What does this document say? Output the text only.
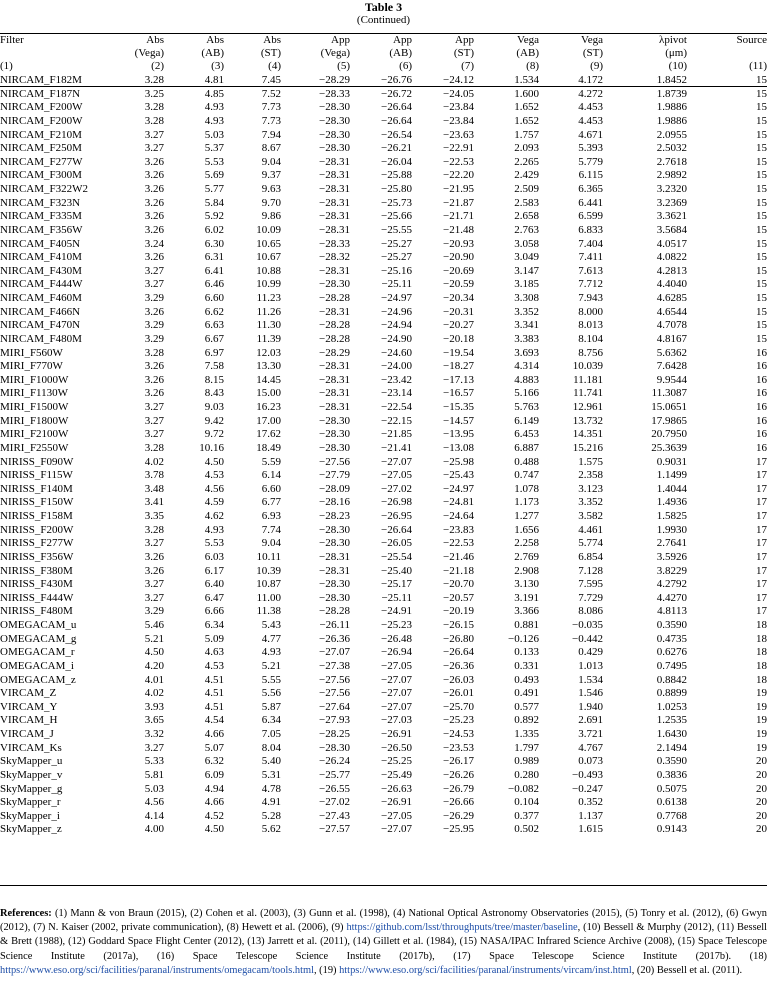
Table 3
(Continued)
Filter	Abs	Abs	Abs	App	App	App	Vega	Vega	λpivot	Source
	(Vega)	(AB)	(ST)	(Vega)	(AB)	(ST)	(AB)	(ST)	(μm)	
(1)	(2)	(3)	(4)	(5)	(6)	(7)	(8)	(9)	(10)	(11)
NIRCAM_F182M	3.28	4.81	7.45	−28.29	−26.76	−24.12	1.534	4.172	1.8452	15
NIRCAM_F187N	3.25	4.85	7.52	−28.33	−26.72	−24.05	1.600	4.272	1.8739	15
NIRCAM_F200W	3.28	4.93	7.73	−28.30	−26.64	−23.84	1.652	4.453	1.9886	15
NIRCAM_F200W	3.28	4.93	7.73	−28.30	−26.64	−23.84	1.652	4.453	1.9886	15
NIRCAM_F210M	3.27	5.03	7.94	−28.30	−26.54	−23.63	1.757	4.671	2.0955	15
NIRCAM_F250M	3.27	5.37	8.67	−28.30	−26.21	−22.91	2.093	5.393	2.5032	15
NIRCAM_F277W	3.26	5.53	9.04	−28.31	−26.04	−22.53	2.265	5.779	2.7618	15
NIRCAM_F300M	3.26	5.69	9.37	−28.31	−25.88	−22.20	2.429	6.115	2.9892	15
NIRCAM_F322W2	3.26	5.77	9.63	−28.31	−25.80	−21.95	2.509	6.365	3.2320	15
NIRCAM_F323N	3.26	5.84	9.70	−28.31	−25.73	−21.87	2.583	6.441	3.2369	15
NIRCAM_F335M	3.26	5.92	9.86	−28.31	−25.66	−21.71	2.658	6.599	3.3621	15
NIRCAM_F356W	3.26	6.02	10.09	−28.31	−25.55	−21.48	2.763	6.833	3.5684	15
NIRCAM_F405N	3.24	6.30	10.65	−28.33	−25.27	−20.93	3.058	7.404	4.0517	15
NIRCAM_F410M	3.26	6.31	10.67	−28.32	−25.27	−20.90	3.049	7.411	4.0822	15
NIRCAM_F430M	3.27	6.41	10.88	−28.31	−25.16	−20.69	3.147	7.613	4.2813	15
NIRCAM_F444W	3.27	6.46	10.99	−28.30	−25.11	−20.59	3.185	7.712	4.4040	15
NIRCAM_F460M	3.29	6.60	11.23	−28.28	−24.97	−20.34	3.308	7.943	4.6285	15
NIRCAM_F466N	3.26	6.62	11.26	−28.31	−24.96	−20.31	3.352	8.000	4.6544	15
NIRCAM_F470N	3.29	6.63	11.30	−28.28	−24.94	−20.27	3.341	8.013	4.7078	15
NIRCAM_F480M	3.29	6.67	11.39	−28.28	−24.90	−20.18	3.383	8.104	4.8167	15
MIRI_F560W	3.28	6.97	12.03	−28.29	−24.60	−19.54	3.693	8.756	5.6362	16
MIRI_F770W	3.26	7.58	13.30	−28.31	−24.00	−18.27	4.314	10.039	7.6428	16
MIRI_F1000W	3.26	8.15	14.45	−28.31	−23.42	−17.13	4.883	11.181	9.9544	16
MIRI_F1130W	3.26	8.43	15.00	−28.31	−23.14	−16.57	5.166	11.741	11.3087	16
MIRI_F1500W	3.27	9.03	16.23	−28.31	−22.54	−15.35	5.763	12.961	15.0651	16
MIRI_F1800W	3.27	9.42	17.00	−28.30	−22.15	−14.57	6.149	13.732	17.9865	16
MIRI_F2100W	3.27	9.72	17.62	−28.30	−21.85	−13.95	6.453	14.351	20.7950	16
MIRI_F2550W	3.28	10.16	18.49	−28.30	−21.41	−13.08	6.887	15.216	25.3639	16
NIRISS_F090W	4.02	4.50	5.59	−27.56	−27.07	−25.98	0.488	1.575	0.9031	17
NIRISS_F115W	3.78	4.53	6.14	−27.79	−27.05	−25.43	0.747	2.358	1.1499	17
NIRISS_F140M	3.48	4.56	6.60	−28.09	−27.02	−24.97	1.078	3.123	1.4044	17
NIRISS_F150W	3.41	4.59	6.77	−28.16	−26.98	−24.81	1.173	3.352	1.4936	17
NIRISS_F158M	3.35	4.62	6.93	−28.23	−26.95	−24.64	1.277	3.582	1.5825	17
NIRISS_F200W	3.28	4.93	7.74	−28.30	−26.64	−23.83	1.656	4.461	1.9930	17
NIRISS_F277W	3.27	5.53	9.04	−28.30	−26.05	−22.53	2.258	5.774	2.7641	17
NIRISS_F356W	3.26	6.03	10.11	−28.31	−25.54	−21.46	2.769	6.854	3.5926	17
NIRISS_F380M	3.26	6.17	10.39	−28.31	−25.40	−21.18	2.908	7.128	3.8229	17
NIRISS_F430M	3.27	6.40	10.87	−28.30	−25.17	−20.70	3.130	7.595	4.2792	17
NIRISS_F444W	3.27	6.47	11.00	−28.30	−25.11	−20.57	3.191	7.729	4.4270	17
NIRISS_F480M	3.29	6.66	11.38	−28.28	−24.91	−20.19	3.366	8.086	4.8113	17
OMEGACAM_u	5.46	6.34	5.43	−26.11	−25.23	−26.15	0.881	−0.035	0.3590	18
OMEGACAM_g	5.21	5.09	4.77	−26.36	−26.48	−26.80	−0.126	−0.442	0.4735	18
OMEGACAM_r	4.50	4.63	4.93	−27.07	−26.94	−26.64	0.133	0.429	0.6276	18
OMEGACAM_i	4.20	4.53	5.21	−27.38	−27.05	−26.36	0.331	1.013	0.7495	18
OMEGACAM_z	4.01	4.51	5.55	−27.56	−27.07	−26.03	0.493	1.534	0.8842	18
VIRCAM_Z	4.02	4.51	5.56	−27.56	−27.07	−26.01	0.491	1.546	0.8899	19
VIRCAM_Y	3.93	4.51	5.87	−27.64	−27.07	−25.70	0.577	1.940	1.0253	19
VIRCAM_H	3.65	4.54	6.34	−27.93	−27.03	−25.23	0.892	2.691	1.2535	19
VIRCAM_J	3.32	4.66	7.05	−28.25	−26.91	−24.53	1.335	3.721	1.6430	19
VIRCAM_Ks	3.27	5.07	8.04	−28.30	−26.50	−23.53	1.797	4.767	2.1494	19
SkyMapper_u	5.33	6.32	5.40	−26.24	−25.25	−26.17	0.989	0.073	0.3590	20
SkyMapper_v	5.81	6.09	5.31	−25.77	−25.49	−26.26	0.280	−0.493	0.3836	20
SkyMapper_g	5.03	4.94	4.78	−26.55	−26.63	−26.79	−0.082	−0.247	0.5075	20
SkyMapper_r	4.56	4.66	4.91	−27.02	−26.91	−26.66	0.104	0.352	0.6138	20
SkyMapper_i	4.14	4.52	5.28	−27.43	−27.05	−26.29	0.377	1.137	0.7768	20
SkyMapper_z	4.00	4.50	5.62	−27.57	−27.07	−25.95	0.502	1.615	0.9143	20
References: (1) Mann & von Braun (2015), (2) Cohen et al. (2003), (3) Gunn et al. (1998), (4) National Optical Astronomy Observatories (2015), (5) Tonry et al. (2012), (6) Gwyn (2012), (7) N. Kaiser (2002, private communication), (8) Hewett et al. (2006), (9) https://github.com/lsst/throughputs/tree/master/baseline, (10) Bessell & Murphy (2012), (11) Bessell & Brett (1988), (12) Goddard Space Flight Center (2012), (13) Jarrett et al. (2011), (14) Gillett et al. (1984), (15) NASA/IPAC Infrared Science Archive (2008), (15) Space Telescope Science Institute (2017a), (16) Space Telescope Science Institute (2017b), (17) Space Telescope Science Institute (2017b). (18) https://www.eso.org/sci/facilities/paranal/instruments/omegacam/tools.html, (19) https://www.eso.org/sci/facilities/paranal/instruments/vircam/inst.html, (20) Bessell et al. (2011).
